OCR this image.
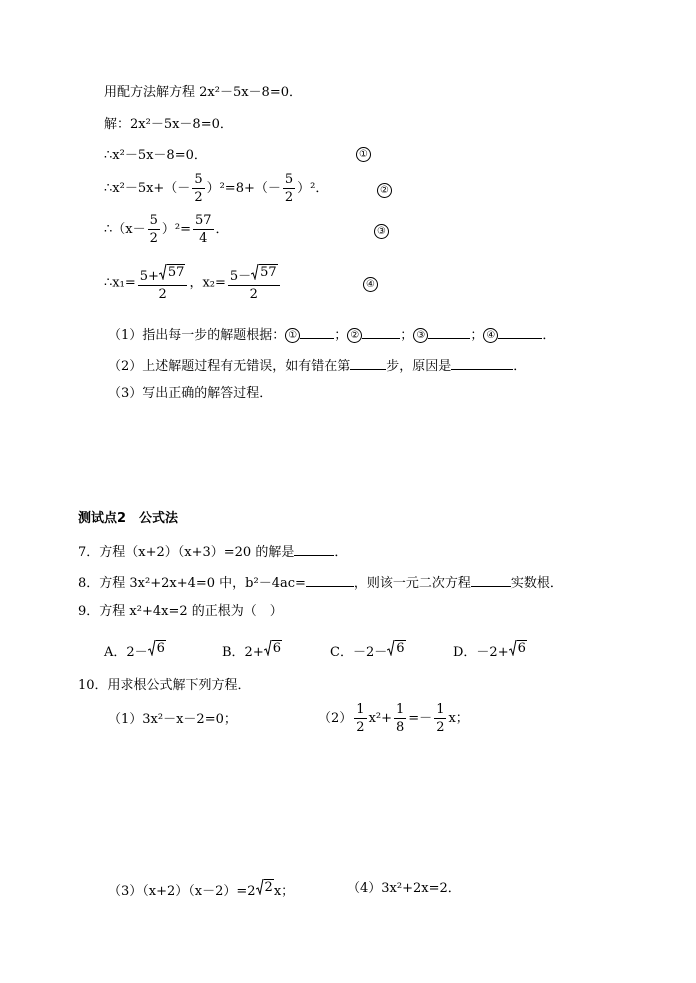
用配方法解方程 2x²－5x－8=0．
解：2x²－5x－8=0．
∴x²－5x－8=0．	①
∴x²－5x+（－ $\frac{5}{2} )^2=8+(- \frac{5}{2} )^2$．	②
∴（x－ $\frac{5}{2} )^2= \frac{57}{4}$ ．	③
∴x₁= $\frac{5+ 57}{2}$ ，$x_2= \frac{5- 57}{2}$	④
（1）指出每一步的解题根据： ①	； ②	； ③	； ④	．
（2）上述解题过程有无错误，如有错在第	步，原因是	．
（3）写出正确的解答过程．
测试点2　公式法
7．方程（x+2）（x+3）=20 的解是	．
8．方程 3x²+2x+4=0 中，b²－4ac=	，则该一元二次方程	实数根．
9．方程 x²+4x=2 的正根为（　）
A．2－ 6	B．2+ 6	C．－2－ 6	D．－2+ 6
10．用求根公式解下列方程．
（1）3x²－x－2=0；	$(2) \frac{1}{2} x^2+ \frac{1}{8} =- \frac{1}{2}$ x；
（3）（x+2）（x－2）=2 2 x；	（4）3x²+2x=2．
